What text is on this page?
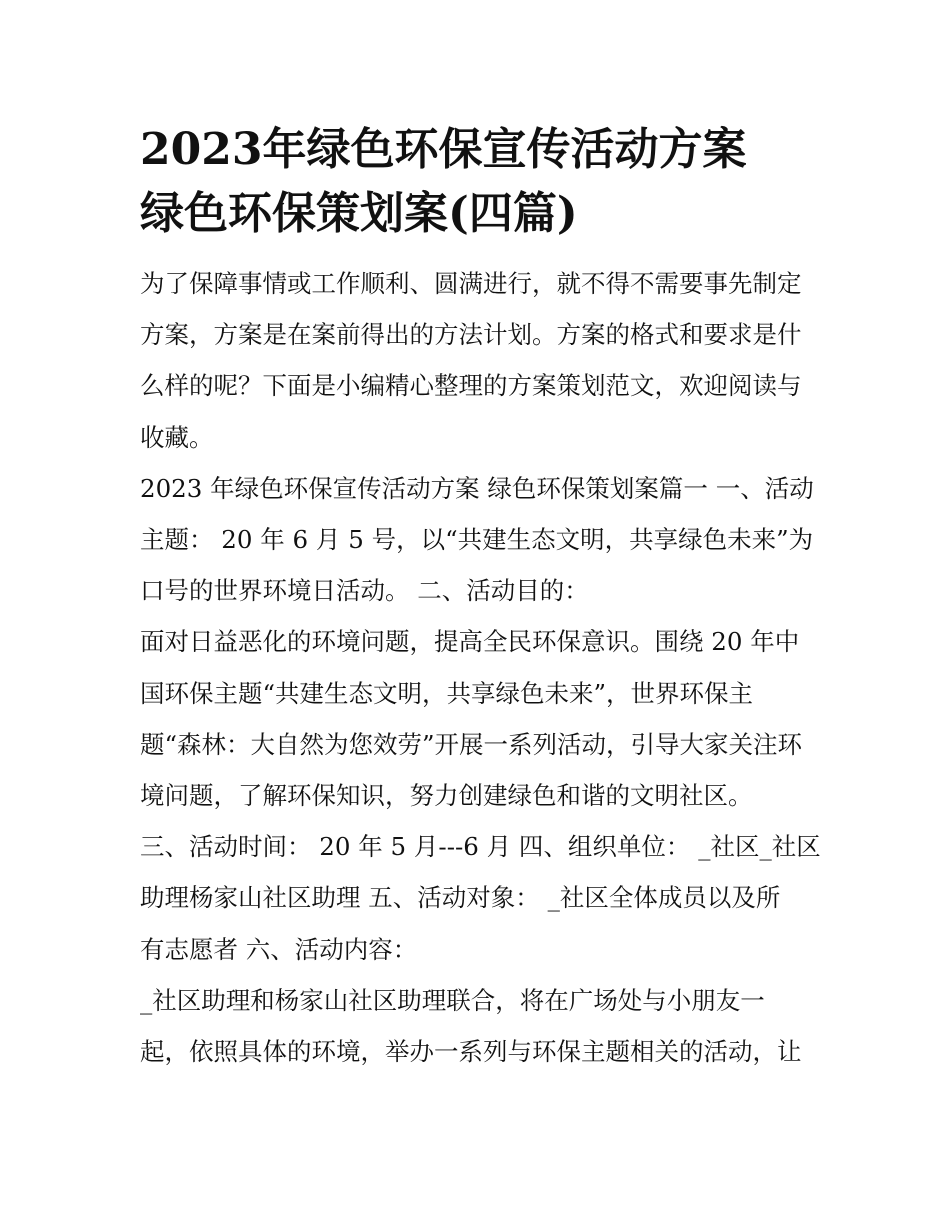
2023年绿色环保宣传活动方案
绿色环保策划案(四篇)
为了保障事情或工作顺利、圆满进行，就不得不需要事先制定
方案，方案是在案前得出的方法计划。方案的格式和要求是什
么样的呢？下面是小编精心整理的方案策划范文，欢迎阅读与
收藏。
2023 年绿色环保宣传活动方案 绿色环保策划案篇一 一、活动
主题： 20 年 6 月 5 号，以“共建生态文明，共享绿色未来”为
口号的世界环境日活动。 二、活动目的：
面对日益恶化的环境问题，提高全民环保意识。围绕 20 年中
国环保主题“共建生态文明，共享绿色未来”，世界环保主
题“森林：大自然为您效劳”开展一系列活动，引导大家关注环
境问题，了解环保知识，努力创建绿色和谐的文明社区。
三、活动时间： 20 年 5 月---6 月 四、组织单位： _社区_社区
助理杨家山社区助理 五、活动对象： _社区全体成员以及所
有志愿者 六、活动内容：
_社区助理和杨家山社区助理联合，将在广场处与小朋友一
起，依照具体的环境，举办一系列与环保主题相关的活动，让
